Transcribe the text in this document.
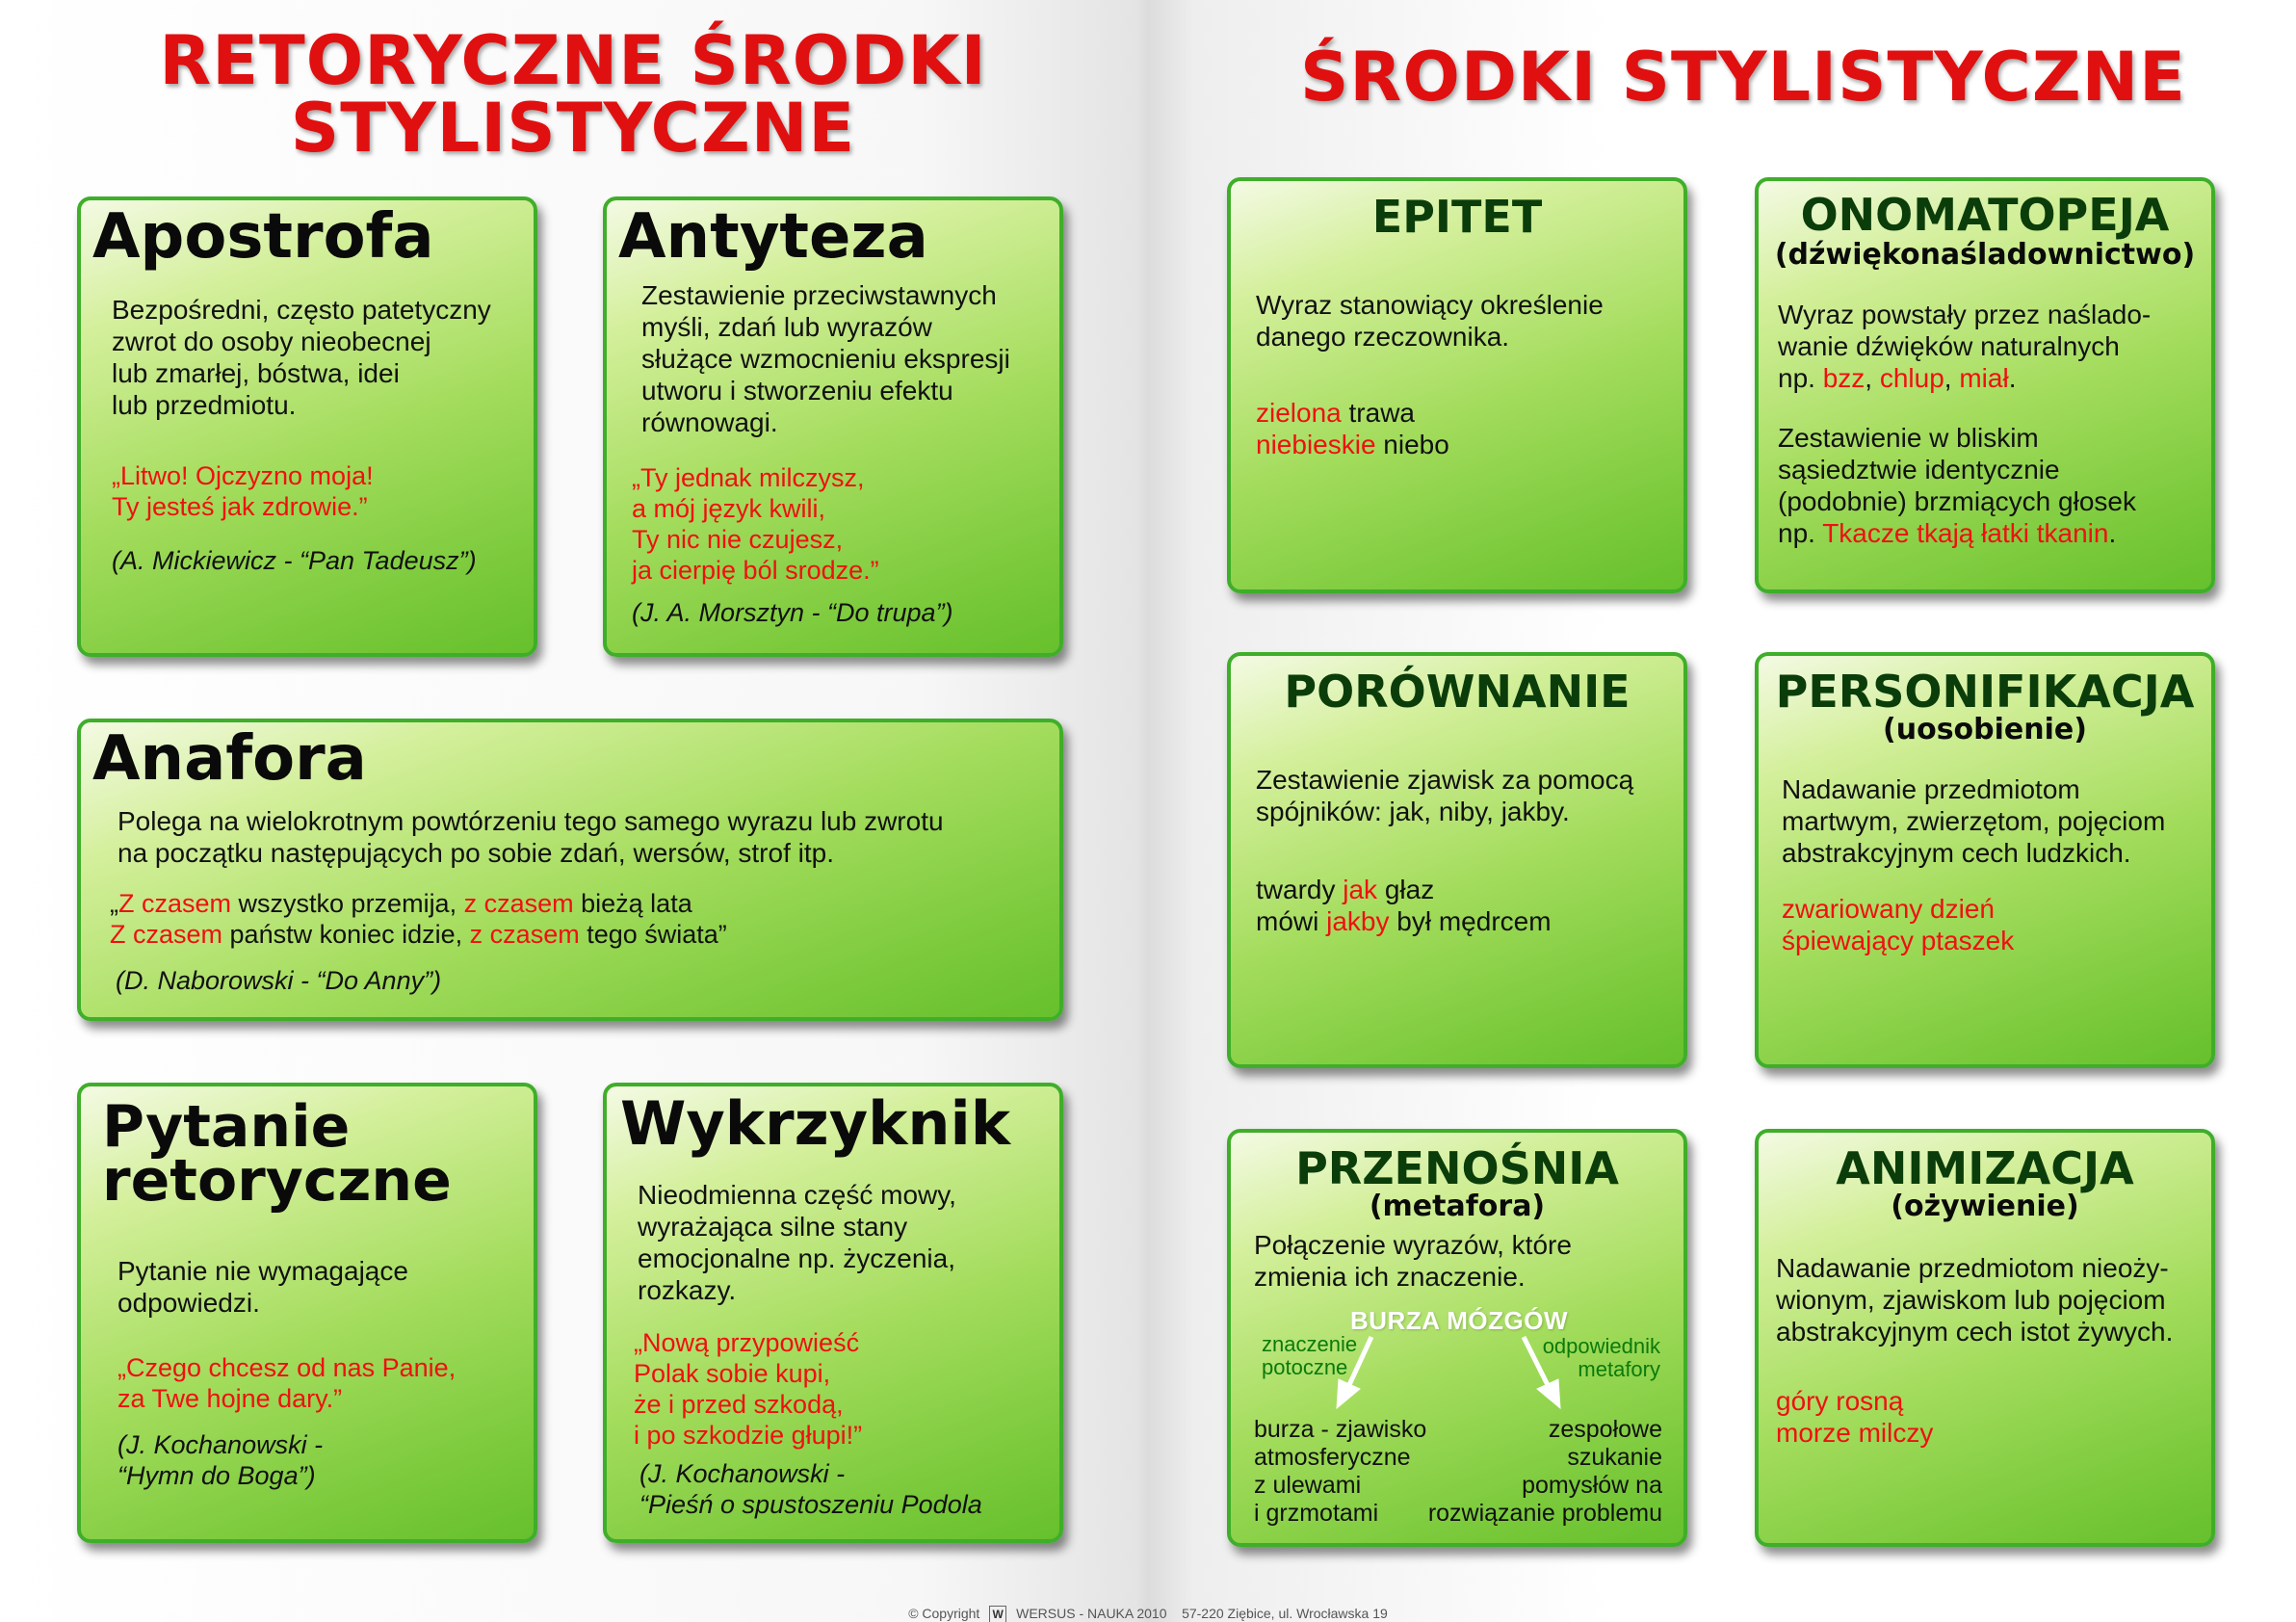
RETORYCZNE ŚRODKI
STYLISTYCZNE
ŚRODKI STYLISTYCZNE
Apostrofa
Bezpośredni, często patetyczny
zwrot do osoby nieobecnej
lub zmarłej, bóstwa, idei
lub przedmiotu.
„Litwo! Ojczyzno moja!
Ty jesteś jak zdrowie.”
(A. Mickiewicz - “Pan Tadeusz”)
Antyteza
Zestawienie przeciwstawnych
myśli, zdań lub wyrazów
służące wzmocnieniu ekspresji
utworu i stworzeniu efektu
równowagi.
„Ty jednak milczysz,
a mój język kwili,
Ty nic nie czujesz,
ja cierpię ból srodze.”
(J. A. Morsztyn - “Do trupa”)
Anafora
Polega na wielokrotnym powtórzeniu tego samego wyrazu lub zwrotu
na początku następujących po sobie zdań, wersów, strof itp.
„Z czasem wszystko przemija, z czasem bieżą lata
Z czasem państw koniec idzie, z czasem tego świata”
(D. Naborowski - “Do Anny”)
Pytanie
retoryczne
Pytanie nie wymagające
odpowiedzi.
„Czego chcesz od nas Panie,
za Twe hojne dary.”
(J. Kochanowski -
“Hymn do Boga”)
Wykrzyknik
Nieodmienna część mowy,
wyrażająca silne stany
emocjonalne np. życzenia,
rozkazy.
„Nową przypowieść
Polak sobie kupi,
że i przed szkodą,
i po szkodzie głupi!”
(J. Kochanowski -
“Pieśń o spustoszeniu Podola
EPITET
Wyraz stanowiący określenie
danego rzeczownika.
zielona trawa
niebieskie niebo
ONOMATOPEJA
(dźwiękonaśladownictwo)
Wyraz powstały przez naślado-
wanie dźwięków naturalnych
np. bzz, chlup, miał.
Zestawienie w bliskim
sąsiedztwie identycznie
(podobnie) brzmiących głosek
np. Tkacze tkają łatki tkanin.
PORÓWNANIE
Zestawienie zjawisk za pomocą
spójników: jak, niby, jakby.
twardy jak głaz
mówi jakby był mędrcem
PERSONIFIKACJA
(uosobienie)
Nadawanie przedmiotom
martwym, zwierzętom, pojęciom
abstrakcyjnym cech ludzkich.
zwariowany dzień
śpiewający ptaszek
PRZENOŚNIA
(metafora)
Połączenie wyrazów, które
zmienia ich znaczenie.
BURZA MÓZGÓW
znaczenie
potoczne
odpowiednik
metafory
burza - zjawisko
atmosferyczne
z ulewami
i grzmotami
zespołowe
szukanie
pomysłów na
rozwiązanie problemu
ANIMIZACJA
(ożywienie)
Nadawanie przedmiotom nieoży-
wionym, zjawiskom lub pojęciom
abstrakcyjnym cech istot żywych.
góry rosną
morze milczy
© Copyright W WERSUS - NAUKA 2010 57-220 Ziębice, ul. Wrocławska 19
